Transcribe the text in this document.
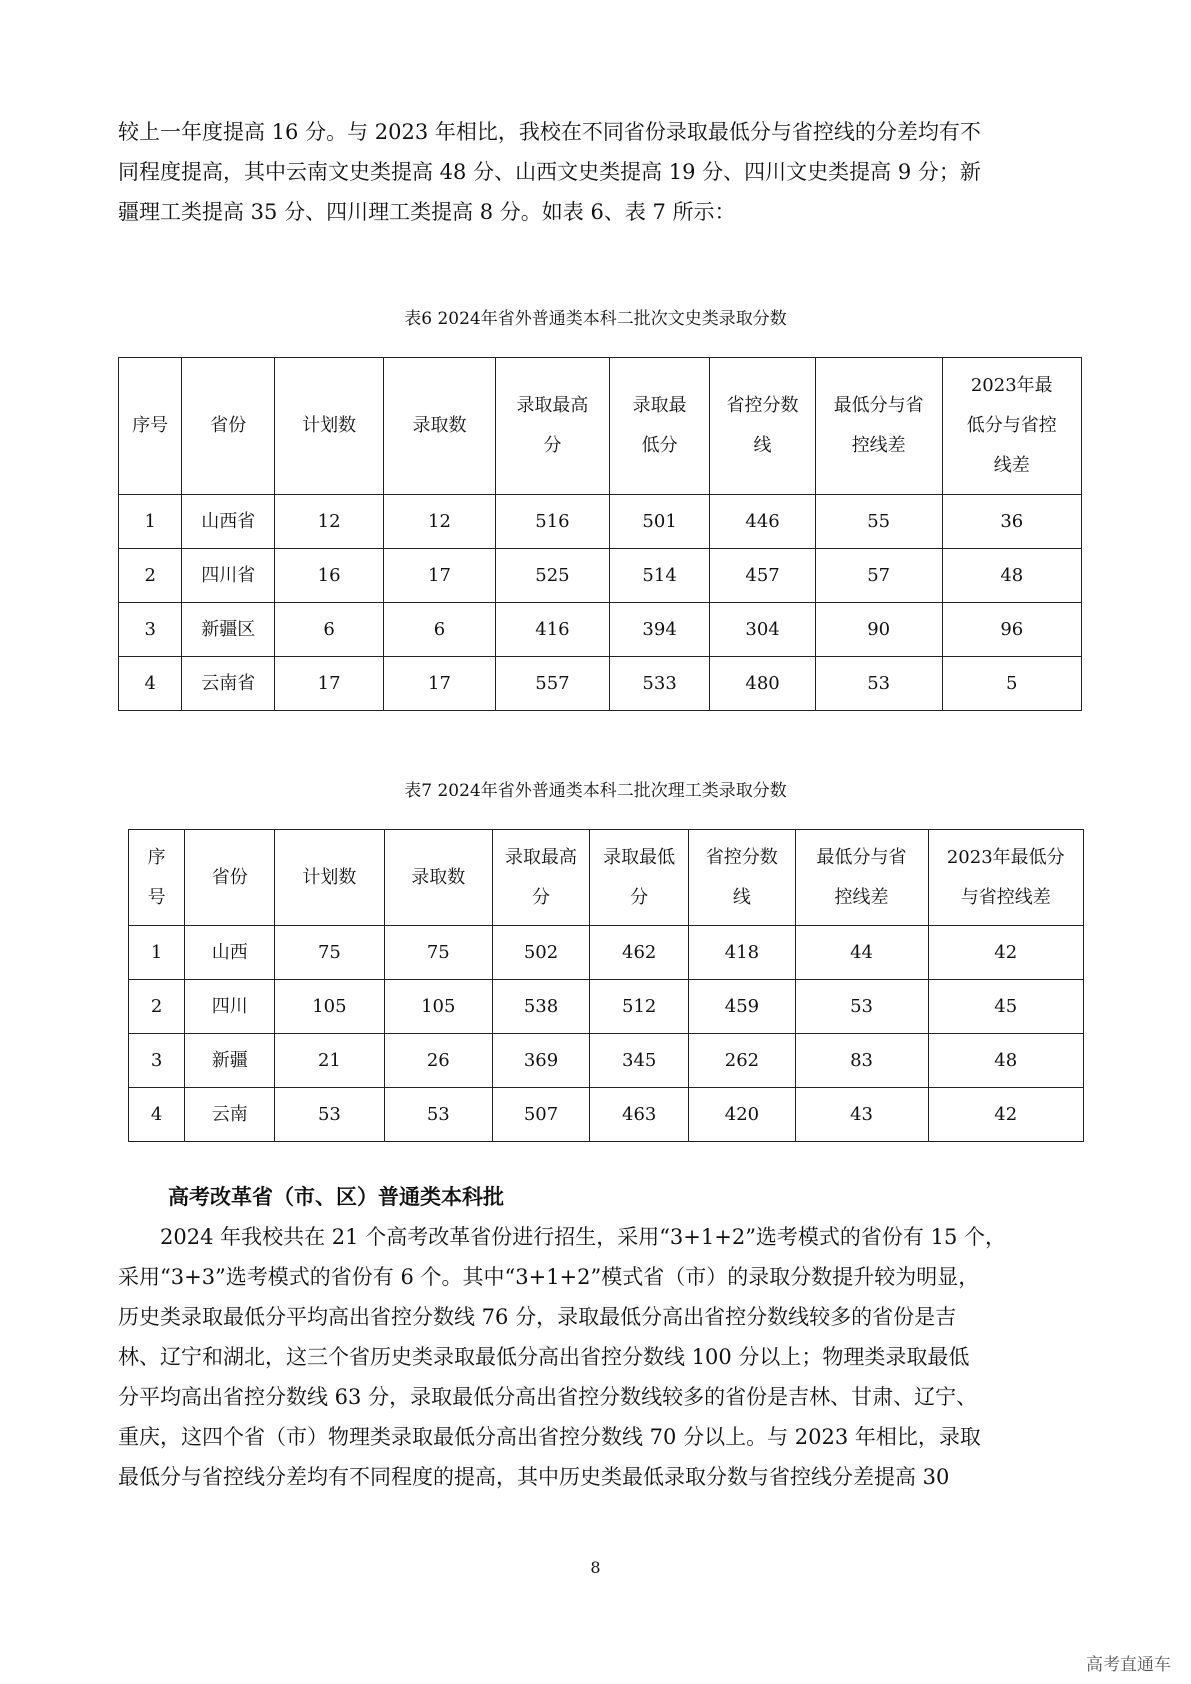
较上一年度提高 16 分。与 2023 年相比，我校在不同省份录取最低分与省控线的分差均有不
同程度提高，其中云南文史类提高 48 分、山西文史类提高 19 分、四川文史类提高 9 分；新
疆理工类提高 35 分、四川理工类提高 8 分。如表 6、表 7 所示：
表6 2024年省外普通类本科二批次文史类录取分数
序号	省份	计划数	录取数	录取最高分	录取最低分	省控分数线	最低分与省控线差	2023年最低分与省控线差
1	山西省	12	12	516	501	446	55	36
2	四川省	16	17	525	514	457	57	48
3	新疆区	6	6	416	394	304	90	96
4	云南省	17	17	557	533	480	53	5
表7 2024年省外普通类本科二批次理工类录取分数
序号	省份	计划数	录取数	录取最高分	录取最低分	省控分数线	最低分与省控线差	2023年最低分与省控线差
1	山西	75	75	502	462	418	44	42
2	四川	105	105	538	512	459	53	45
3	新疆	21	26	369	345	262	83	48
4	云南	53	53	507	463	420	43	42
高考改革省（市、区）普通类本科批
　　2024 年我校共在 21 个高考改革省份进行招生，采用“3+1+2”选考模式的省份有 15 个，
采用“3+3”选考模式的省份有 6 个。其中“3+1+2”模式省（市）的录取分数提升较为明显，
历史类录取最低分平均高出省控分数线 76 分，录取最低分高出省控分数线较多的省份是吉
林、辽宁和湖北，这三个省历史类录取最低分高出省控分数线 100 分以上；物理类录取最低
分平均高出省控分数线 63 分，录取最低分高出省控分数线较多的省份是吉林、甘肃、辽宁、
重庆，这四个省（市）物理类录取最低分高出省控分数线 70 分以上。与 2023 年相比，录取
最低分与省控线分差均有不同程度的提高，其中历史类最低录取分数与省控线分差提高 30
8
高考直通车
